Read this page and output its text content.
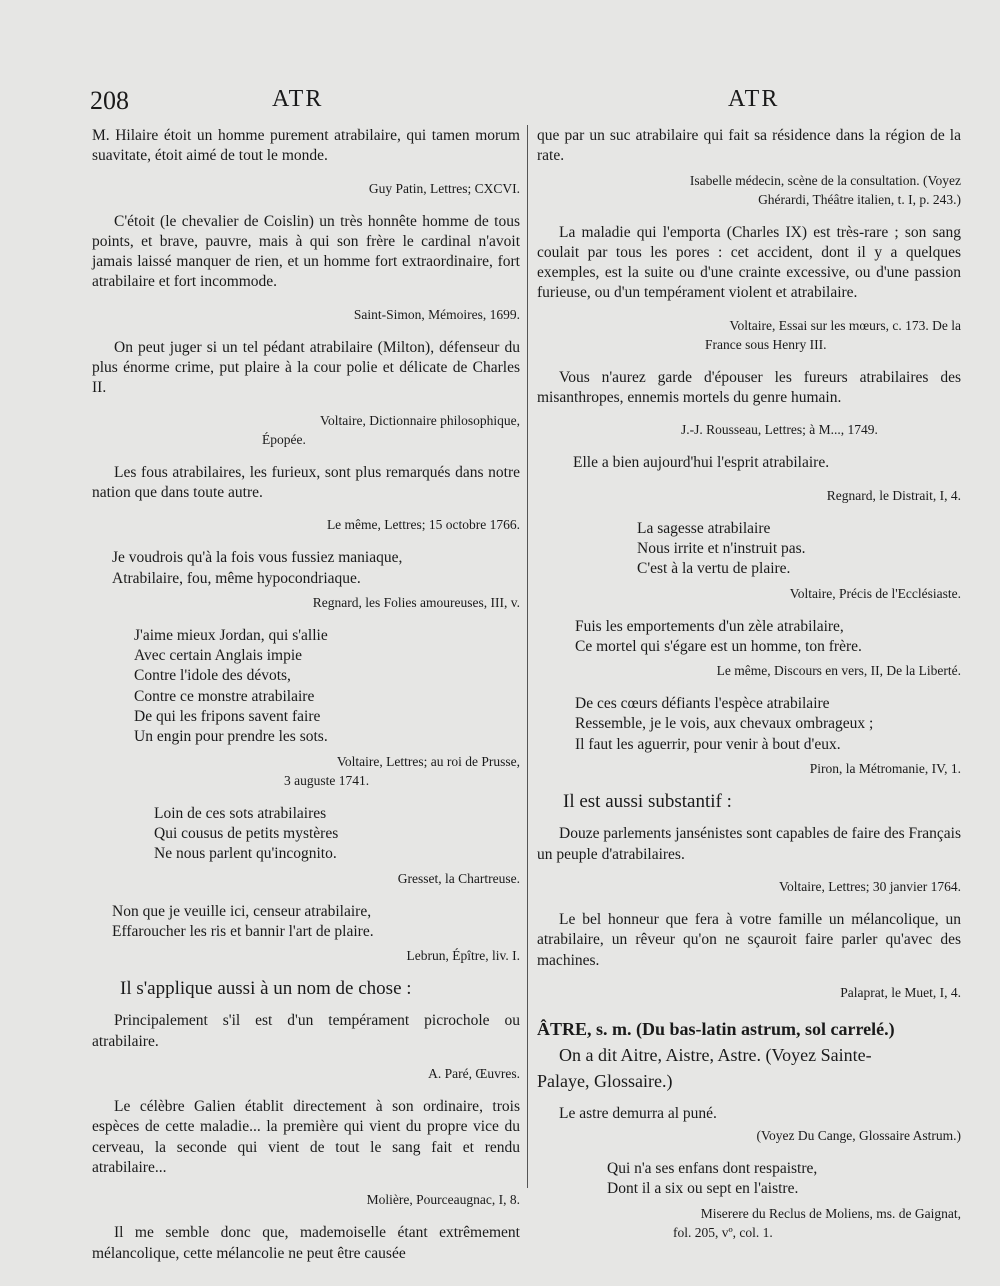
208	ATR	ATR

M. Hilaire étoit un homme purement atrabilaire, qui tamen morum suavitate, étoit aimé de tout le monde.

Guy Patin, Lettres; CXCVI.

C'étoit (le chevalier de Coislin) un très honnête homme de tous points, et brave, pauvre, mais à qui son frère le cardinal n'avoit jamais laissé manquer de rien, et un homme fort extraordinaire, fort atrabilaire et fort incommode.

Saint-Simon, Mémoires, 1699.

On peut juger si un tel pédant atrabilaire (Milton), défenseur du plus énorme crime, put plaire à la cour polie et délicate de Charles II.

Voltaire, Dictionnaire philosophique,
Épopée.

Les fous atrabilaires, les furieux, sont plus remarqués dans notre nation que dans toute autre.

Le même, Lettres; 15 octobre 1766.
Je voudrois qu'à la fois vous fussiez maniaque,
Atrabilaire, fou, même hypocondriaque.
Regnard, les Folies amoureuses, III, v.
J'aime mieux Jordan, qui s'allie
Avec certain Anglais impie
Contre l'idole des dévots,
Contre ce monstre atrabilaire
De qui les fripons savent faire
Un engin pour prendre les sots.
Voltaire, Lettres; au roi de Prusse,
3 auguste 1741.
Loin de ces sots atrabilaires
Qui cousus de petits mystères
Ne nous parlent qu'incognito.
Gresset, la Chartreuse.
Non que je veuille ici, censeur atrabilaire,
Effaroucher les ris et bannir l'art de plaire.
Lebrun, Épître, liv. I.
Il s'applique aussi à un nom de chose :

Principalement s'il est d'un tempérament picrochole ou atrabilaire.

A. Paré, Œuvres.

Le célèbre Galien établit directement à son ordinaire, trois espèces de cette maladie... la première qui vient du propre vice du cerveau, la seconde qui vient de tout le sang fait et rendu atrabilaire...

Molière, Pourceaugnac, I, 8.

Il me semble donc que, mademoiselle étant extrêmement mélancolique, cette mélancolie ne peut être causée

que par un suc atrabilaire qui fait sa résidence dans la région de la rate.

Isabelle médecin, scène de la consultation. (Voyez
Ghérardi, Théâtre italien, t. I, p. 243.)

La maladie qui l'emporta (Charles IX) est très-rare ; son sang coulait par tous les pores : cet accident, dont il y a quelques exemples, est la suite ou d'une crainte excessive, ou d'une passion furieuse, ou d'un tempérament violent et atrabilaire.

Voltaire, Essai sur les mœurs, c. 173. De la
France sous Henry III.

Vous n'aurez garde d'épouser les fureurs atrabilaires des misanthropes, ennemis mortels du genre humain.

J.-J. Rousseau, Lettres; à M..., 1749.

Elle a bien aujourd'hui l'esprit atrabilaire.

Regnard, le Distrait, I, 4.
La sagesse atrabilaire
Nous irrite et n'instruit pas.
C'est à la vertu de plaire.
Voltaire, Précis de l'Ecclésiaste.
Fuis les emportements d'un zèle atrabilaire,
Ce mortel qui s'égare est un homme, ton frère.
Le même, Discours en vers, II, De la Liberté.
De ces cœurs défiants l'espèce atrabilaire
Ressemble, je le vois, aux chevaux ombrageux ;
Il faut les aguerrir, pour venir à bout d'eux.
Piron, la Métromanie, IV, 1.
Il est aussi substantif :

Douze parlements jansénistes sont capables de faire des Français un peuple d'atrabilaires.

Voltaire, Lettres; 30 janvier 1764.

Le bel honneur que fera à votre famille un mélancolique, un atrabilaire, un rêveur qu'on ne sçauroit faire parler qu'avec des machines.

Palaprat, le Muet, I, 4.
ÂTRE, s. m. (Du bas-latin astrum, sol carrelé.)
On a dit Aitre, Aistre, Astre. (Voyez Sainte-
Palaye, Glossaire.)

Le astre demurra al puné.

(Voyez Du Cange, Glossaire Astrum.)
Qui n'a ses enfans dont respaistre,
Dont il a six ou sept en l'aistre.
Miserere du Reclus de Moliens, ms. de Gaignat,
fol. 205, vº, col. 1.
